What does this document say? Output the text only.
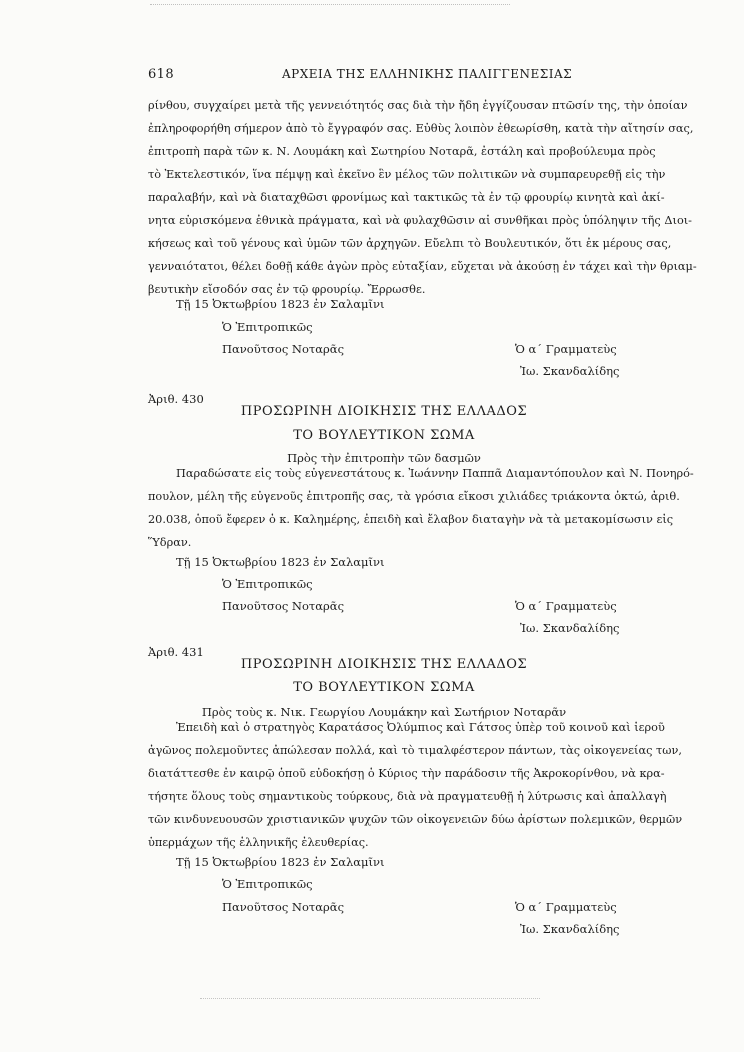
618	ΑΡΧΕΙΑ ΤΗΣ ΕΛΛΗΝΙΚΗΣ ΠΑΛΙΓΓΕΝΕΣΙΑΣ
ρίνθου, συγχαίρει μετὰ τῆς γεννειότητός σας διὰ τὴν ἤδη ἐγγίζουσαν πτῶσίν της, τὴν ὁποίαν
ἐπληροφορήθη σήμερον ἀπὸ τὸ ἔγγραφόν σας. Εὐθὺς λοιπὸν ἐθεωρίσθη, κατὰ τὴν αἴτησίν σας,
ἐπιτροπὴ παρὰ τῶν κ. Ν. Λουμάκη καὶ Σωτηρίου Νοταρᾶ, ἐστάλη καὶ προβούλευμα πρὸς
τὸ Ἐκτελεστικόν, ἵνα πέμψῃ καὶ ἐκεῖνο ἓν μέλος τῶν πολιτικῶν νὰ συμπαρευρεθῇ εἰς τὴν
παραλαβήν, καὶ νὰ διαταχθῶσι φρονίμως καὶ τακτικῶς τὰ ἐν τῷ φρουρίῳ κινητὰ καὶ ἀκί-
νητα εὑρισκόμενα ἐθνικὰ πράγματα, καὶ νὰ φυλαχθῶσιν αἱ συνθῆκαι πρὸς ὑπόληψιν τῆς Διοι-
κήσεως καὶ τοῦ γένους καὶ ὑμῶν τῶν ἀρχηγῶν. Εὔελπι τὸ Βουλευτικόν, ὅτι ἐκ μέρους σας,
γενναιότατοι, θέλει δοθῇ κάθε ἀγὼν πρὸς εὐταξίαν, εὔχεται νὰ ἀκούσῃ ἐν τάχει καὶ τὴν θριαμ-
βευτικὴν εἴσοδόν σας ἐν τῷ φρουρίῳ. Ἔρρωσθε.
Τῇ 15 Ὀκτωβρίου 1823 ἐν Σαλαμῖνι
Ὁ Ἐπιτροπικῶς
Πανοῦτσος Νοταρᾶς	Ὁ α΄ Γραμματεὺς
Ἰω. Σκανδαλίδης
Ἀριθ. 430
ΠΡΟΣΩΡΙΝΗ ΔΙΟΙΚΗΣΙΣ ΤΗΣ ΕΛΛΑΔΟΣ
ΤΟ ΒΟΥΛΕΥΤΙΚΟΝ ΣΩΜΑ
Πρὸς τὴν ἐπιτροπὴν τῶν δασμῶν
Παραδώσατε εἰς τοὺς εὐγενεστάτους κ. Ἰωάννην Παππᾶ Διαμαντόπουλον καὶ Ν. Πονηρό-
πουλον, μέλη τῆς εὐγενοῦς ἐπιτροπῆς σας, τὰ γρόσια εἴκοσι χιλιάδες τριάκοντα ὀκτώ, ἀριθ.
20.038, ὁποῦ ἔφερεν ὁ κ. Καλημέρης, ἐπειδὴ καὶ ἔλαβον διαταγὴν νὰ τὰ μετακομίσωσιν εἰς
Ὕδραν.
Τῇ 15 Ὀκτωβρίου 1823 ἐν Σαλαμῖνι
Ὁ Ἐπιτροπικῶς
Πανοῦτσος Νοταρᾶς	Ὁ α΄ Γραμματεὺς
Ἰω. Σκανδαλίδης
Ἀριθ. 431
ΠΡΟΣΩΡΙΝΗ ΔΙΟΙΚΗΣΙΣ ΤΗΣ ΕΛΛΑΔΟΣ
ΤΟ ΒΟΥΛΕΥΤΙΚΟΝ ΣΩΜΑ
Πρὸς τοὺς κ. Νικ. Γεωργίου Λουμάκην καὶ Σωτήριον Νοταρᾶν
Ἐπειδὴ καὶ ὁ στρατηγὸς Καρατάσος Ὀλύμπιος καὶ Γάτσος ὑπὲρ τοῦ κοινοῦ καὶ ἱεροῦ
ἀγῶνος πολεμοῦντες ἀπώλεσαν πολλά, καὶ τὸ τιμαλφέστερον πάντων, τὰς οἰκογενείας των,
διατάττεσθε ἐν καιρῷ ὁποῦ εὐδοκήσῃ ὁ Κύριος τὴν παράδοσιν τῆς Ἀκροκορίνθου, νὰ κρα-
τήσητε ὅλους τοὺς σημαντικοὺς τούρκους, διὰ νὰ πραγματευθῇ ἡ λύτρωσις καὶ ἀπαλλαγὴ
τῶν κινδυνευουσῶν χριστιανικῶν ψυχῶν τῶν οἰκογενειῶν δύω ἀρίστων πολεμικῶν, θερμῶν
ὑπερμάχων τῆς ἑλληνικῆς ἐλευθερίας.
Τῇ 15 Ὀκτωβρίου 1823 ἐν Σαλαμῖνι
Ὁ Ἐπιτροπικῶς
Πανοῦτσος Νοταρᾶς	Ὁ α΄ Γραμματεὺς
Ἰω. Σκανδαλίδης
